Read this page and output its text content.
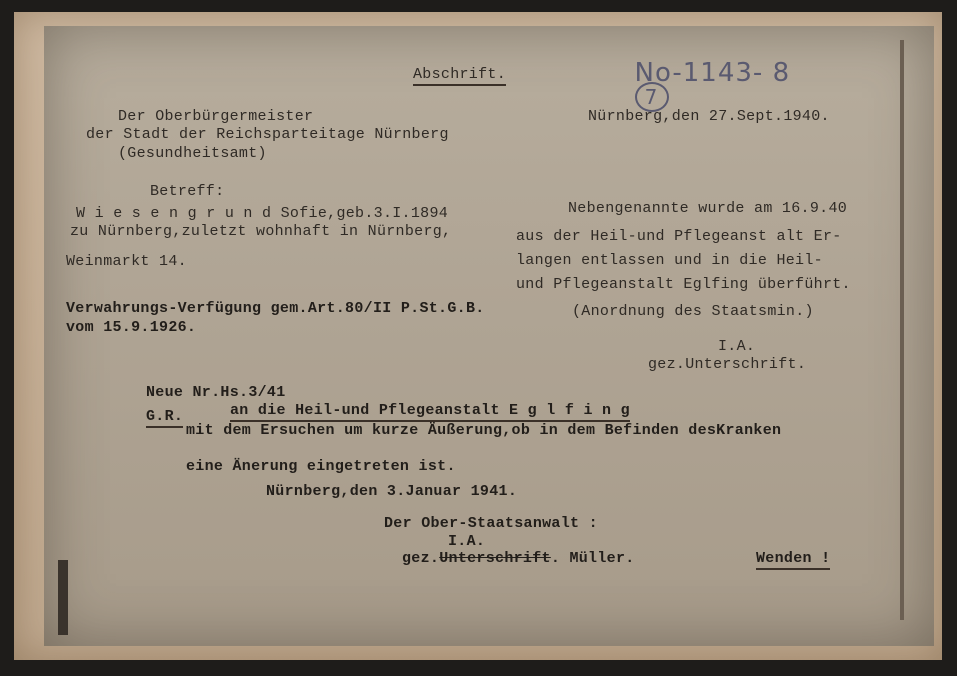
Abschrift.	No-1143- 8
7

Der Oberbürgermeister
der Stadt der Reichsparteitage Nürnberg
(Gesundheitsamt)
Nürnberg,den 27.Sept.1940.
Betreff:
W i e s e n g r u n d Sofie,geb.3.I.1894
zu Nürnberg,zuletzt wohnhaft in Nürnberg,
Weinmarkt 14.
Verwahrungs-Verfügung gem.Art.80/II P.St.G.B.
vom 15.9.1926.
Nebengenannte wurde am 16.9.40
aus der Heil-und Pflegeanst alt Er-
langen entlassen und in die Heil-
und Pflegeanstalt Eglfing überführt.
(Anordnung des Staatsmin.)
I.A.
gez.Unterschrift.
Neue Nr.Hs.3/41
G.R.	an die Heil-und Pflegeanstalt E g l f i n g
mit dem Ersuchen um kurze Äußerung,ob in dem Befinden desKranken
eine Änerung eingetreten ist.
Nürnberg,den 3.Januar 1941.
Der Ober-Staatsanwalt :
I.A.
gez.Unterschrift. Müller.	Wenden !
